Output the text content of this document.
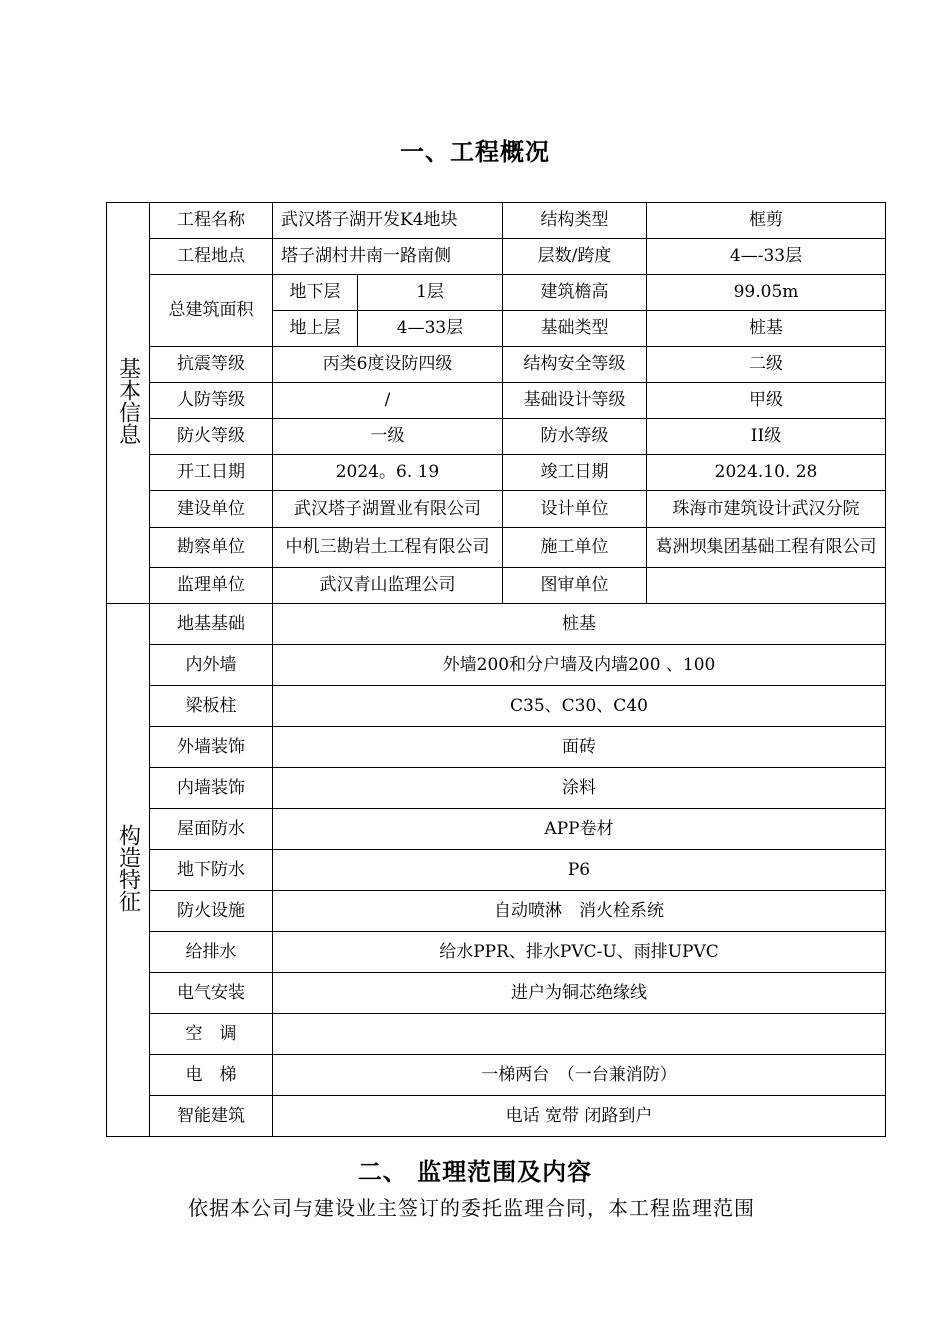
一、工程概况
基本信息	工程名称	武汉塔子湖开发K4地块		结构类型	框剪
	工程地点	塔子湖村井南一路南侧		层数/跨度	4—-33层
	总建筑面积	地下层	1层	建筑檐高	99.05m
		地上层	4—33层	基础类型	桩基
	抗震等级	丙类6度设防四级		结构安全等级	二级
	人防等级	/		基础设计等级	甲级
	防火等级	一级		防水等级	II级
	开工日期	2024。6. 19		竣工日期	2024.10. 28
	建设单位	武汉塔子湖置业有限公司		设计单位	珠海市建筑设计武汉分院
	勘察单位	中机三勘岩土工程有限公司		施工单位	葛洲坝集团基础工程有限公司
	监理单位	武汉青山监理公司		图审单位	
构造特征	地基基础	桩基			
	内外墙	外墙200和分户墙及内墙200 、100			
	梁板柱	C35、C30、C40			
	外墙装饰	面砖			
	内墙装饰	涂料			
	屋面防水	APP卷材			
	地下防水	P6			
	防火设施	自动喷淋　消火栓系统			
	给排水	给水PPR、排水PVC-U、雨排UPVC			
	电气安装	进户为铜芯绝缘线			
	空　调				
	电　梯	一梯两台　（一台兼消防）			
	智能建筑	电话 宽带 闭路到户			
二、 监理范围及内容
依据本公司与建设业主签订的委托监理合同，本工程监理范围
